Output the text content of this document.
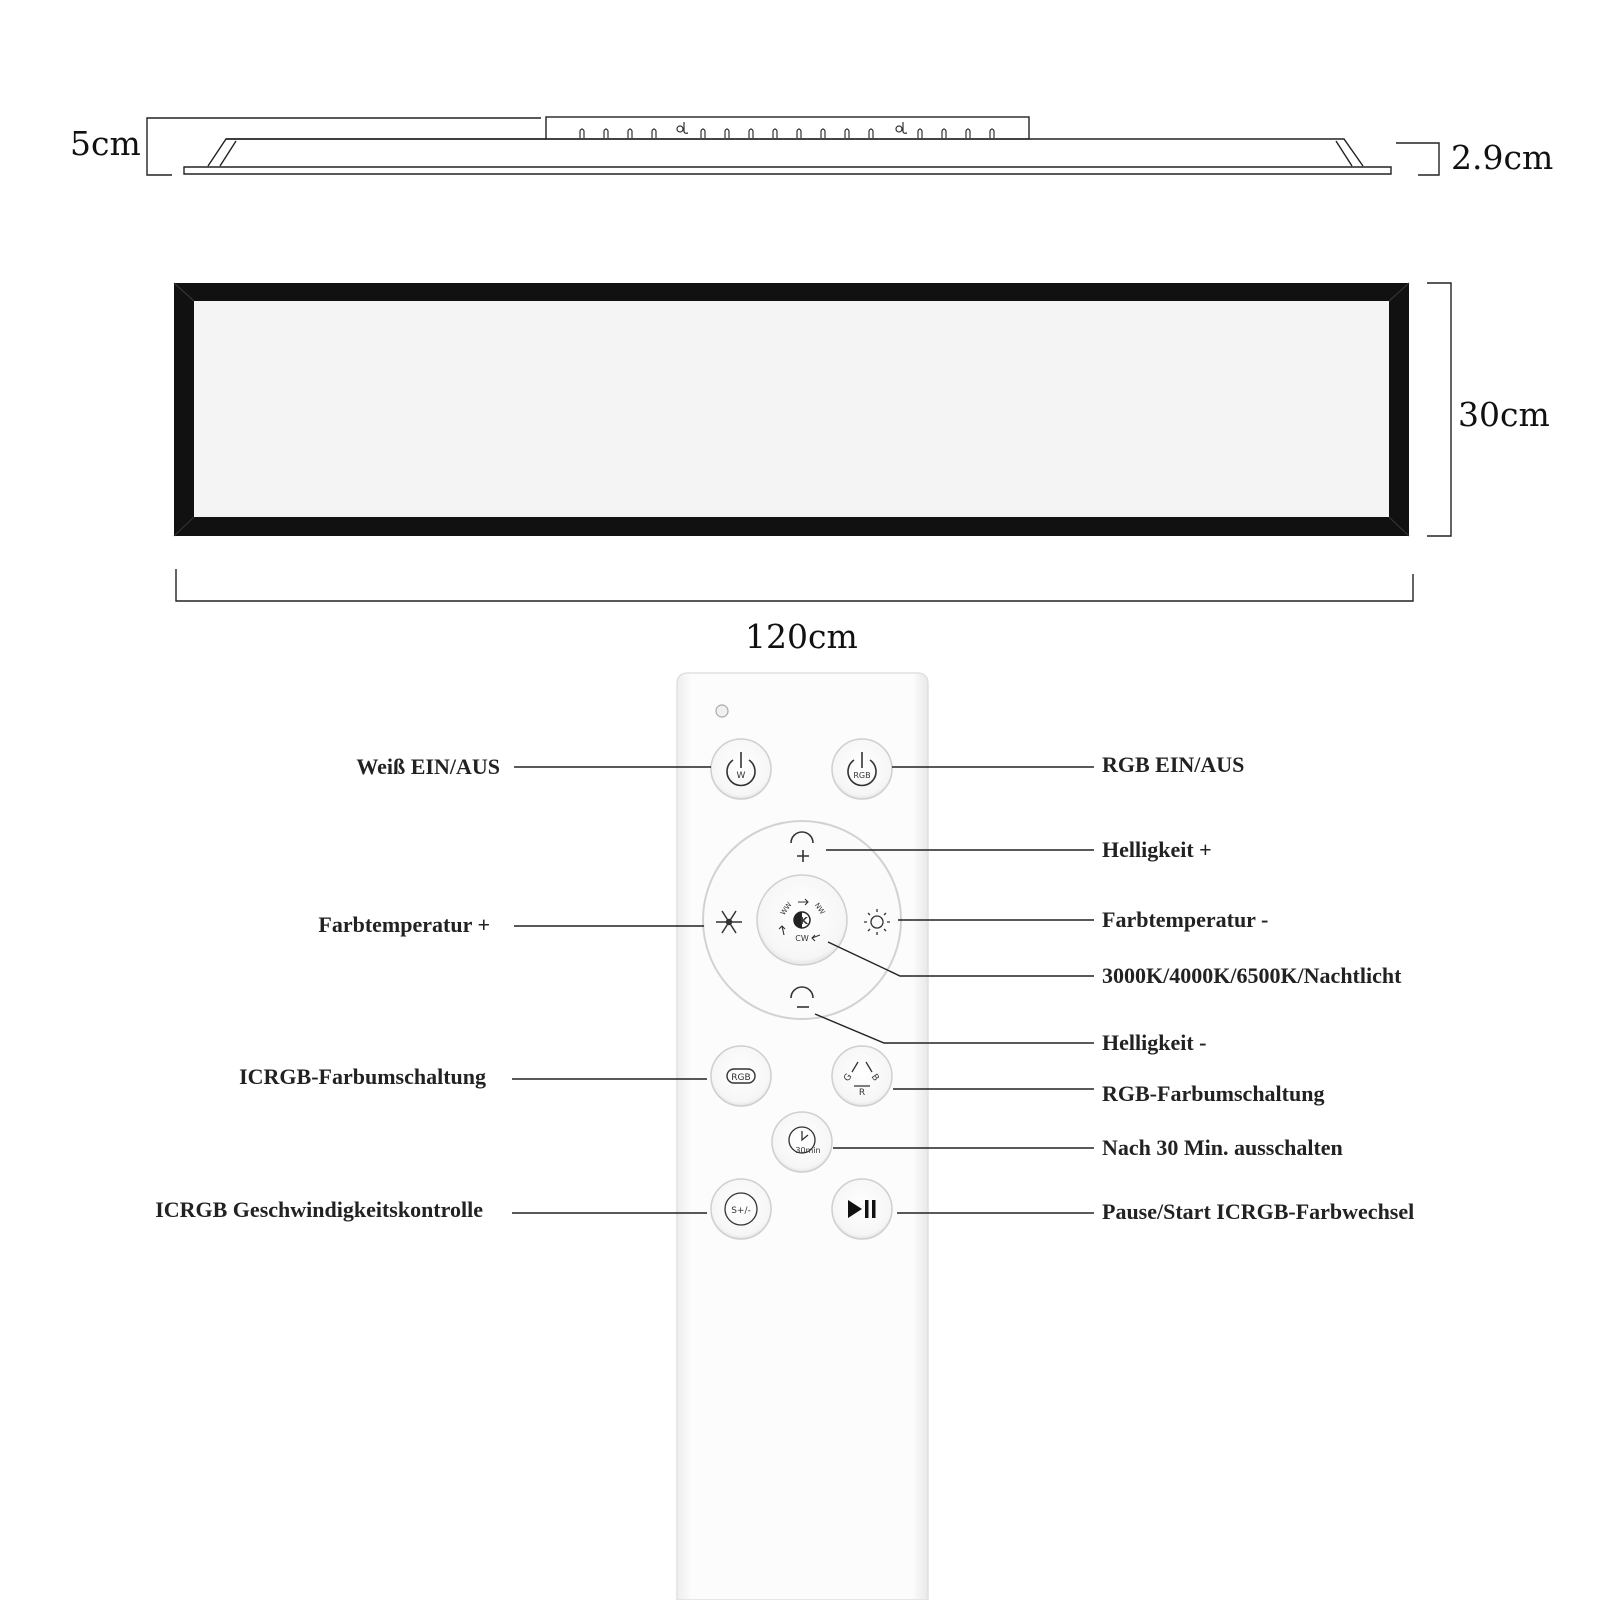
5cm	2.9cm
30cm
120cm
W	RGB
K
WW	NW
CW
RGB	G B
R
30min
S+/-
Weiß EIN/AUS	RGB EIN/AUS
Helligkeit +
Farbtemperatur +	Farbtemperatur -
3000K/4000K/6500K/Nachtlicht
Helligkeit -
ICRGB-Farbumschaltung
RGB-Farbumschaltung
Nach 30 Min. ausschalten
ICRGB Geschwindigkeitskontrolle	Pause/Start ICRGB-Farbwechsel
